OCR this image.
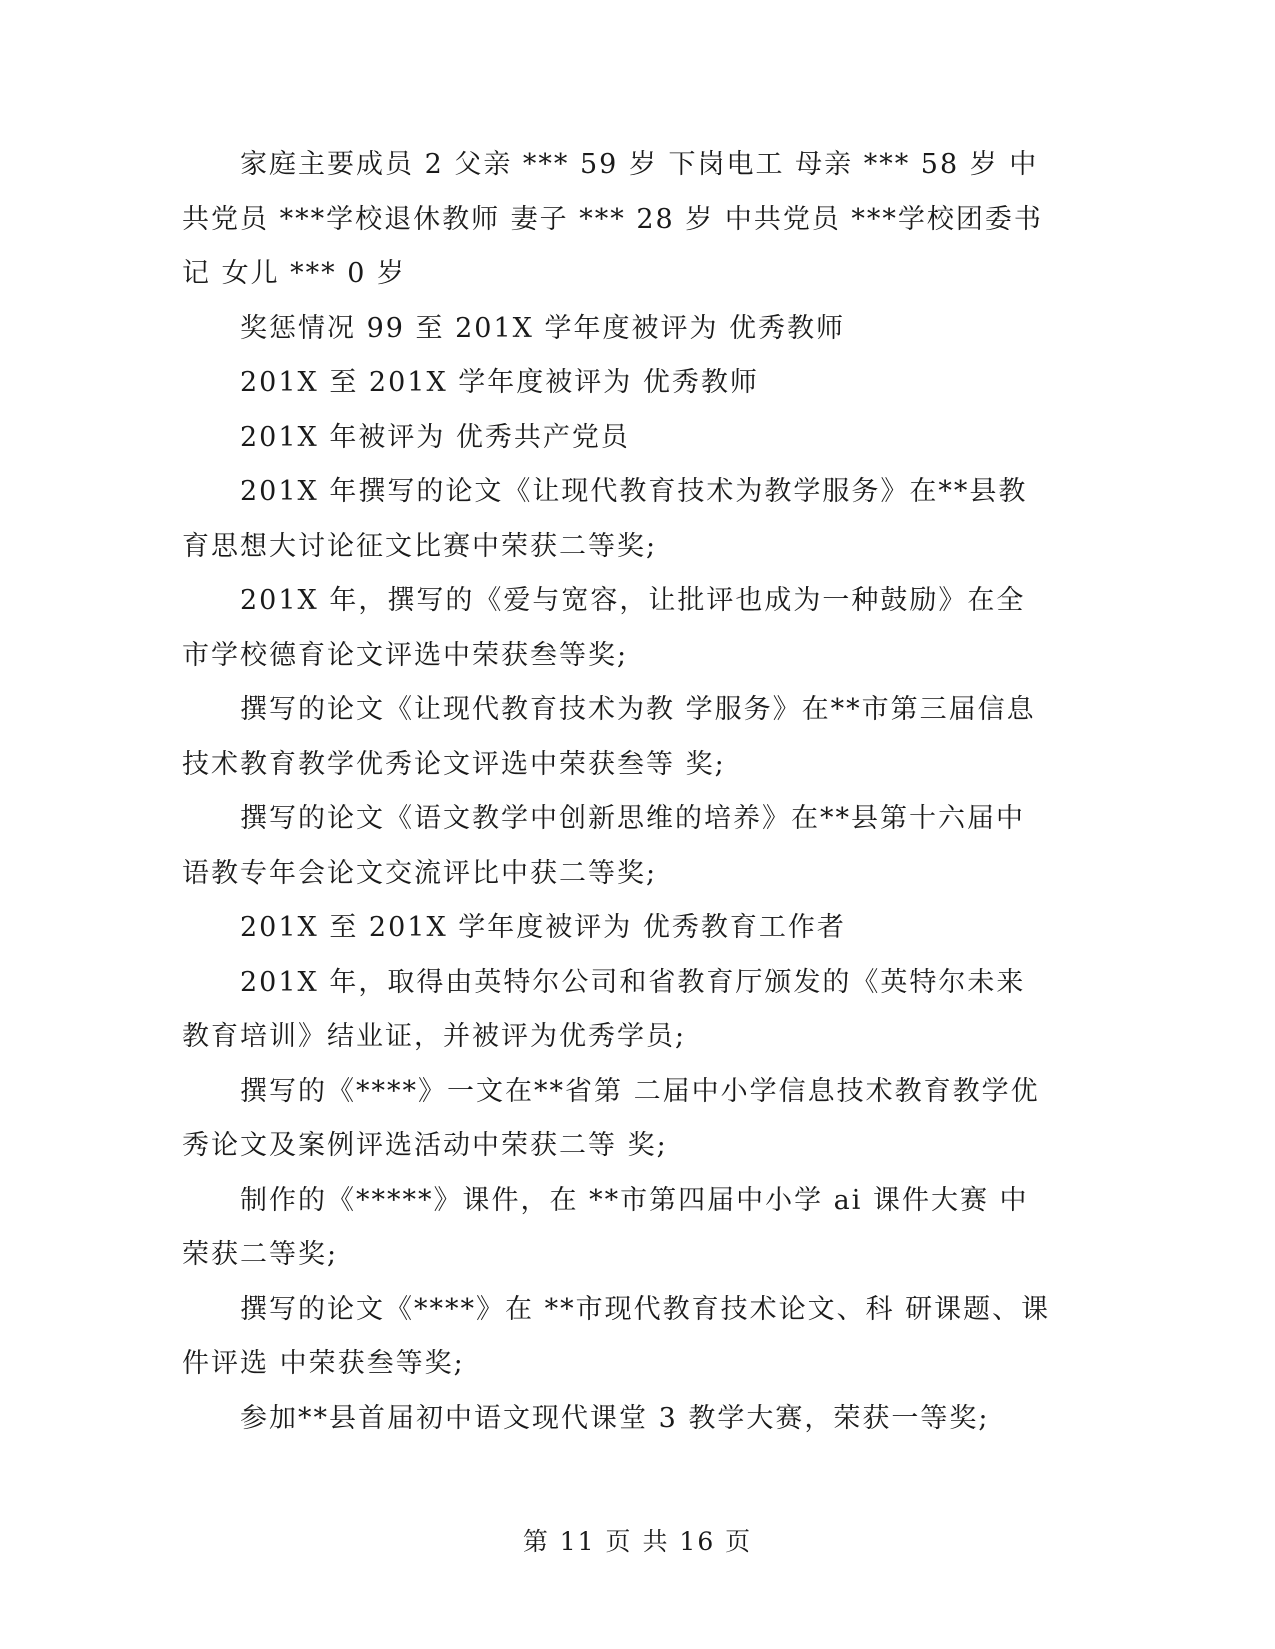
家庭主要成员 2 父亲 *** 59 岁 下岗电工 母亲 *** 58 岁 中共党员 ***学校退休教师 妻子 *** 28 岁 中共党员 ***学校团委书记 女儿 *** 0 岁

奖惩情况 99 至 201X 学年度被评为 优秀教师

201X 至 201X 学年度被评为 优秀教师

201X 年被评为 优秀共产党员

201X 年撰写的论文《让现代教育技术为教学服务》在**县教育思想大讨论征文比赛中荣获二等奖;

201X 年，撰写的《爱与宽容，让批评也成为一种鼓励》在全市学校德育论文评选中荣获叁等奖;

撰写的论文《让现代教育技术为教 学服务》在**市第三届信息技术教育教学优秀论文评选中荣获叁等 奖;

撰写的论文《语文教学中创新思维的培养》在**县第十六届中语教专年会论文交流评比中获二等奖;

201X 至 201X 学年度被评为 优秀教育工作者

201X 年，取得由英特尔公司和省教育厅颁发的《英特尔未来教育培训》结业证，并被评为优秀学员;

撰写的《****》一文在**省第 二届中小学信息技术教育教学优秀论文及案例评选活动中荣获二等 奖;

制作的《*****》课件，在 **市第四届中小学 ai 课件大赛 中荣获二等奖;

撰写的论文《****》在 **市现代教育技术论文、科 研课题、课件评选 中荣获叁等奖;

参加**县首届初中语文现代课堂 3 教学大赛，荣获一等奖;

第 11 页 共 16 页
